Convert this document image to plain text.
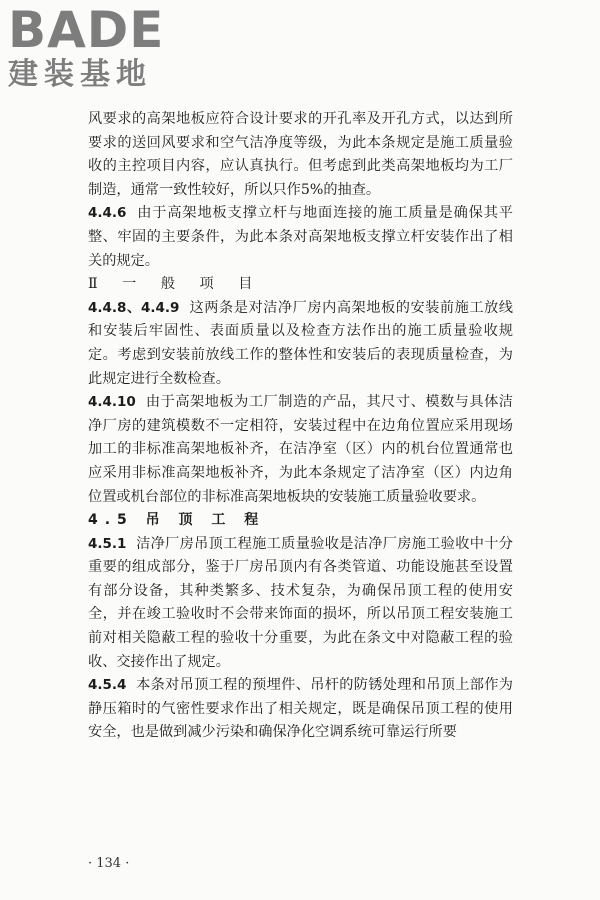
BADE
建装基地

风要求的高架地板应符合设计要求的开孔率及开孔方式，以达到所要求的送回风要求和空气洁净度等级，为此本条规定是施工质量验收的主控项目内容，应认真执行。但考虑到此类高架地板均为工厂制造，通常一致性较好，所以只作5%的抽查。

4.4.6 由于高架地板支撑立杆与地面连接的施工质量是确保其平整、牢固的主要条件，为此本条对高架地板支撑立杆安装作出了相关的规定。

Ⅱ 一 般 项 目

4.4.8、4.4.9 这两条是对洁净厂房内高架地板的安装前施工放线和安装后牢固性、表面质量以及检查方法作出的施工质量验收规定。考虑到安装前放线工作的整体性和安装后的表现质量检查，为此规定进行全数检查。

4.4.10 由于高架地板为工厂制造的产品，其尺寸、模数与具体洁净厂房的建筑模数不一定相符，安装过程中在边角位置应采用现场加工的非标准高架地板补齐，在洁净室（区）内的机台位置通常也应采用非标准高架地板补齐，为此本条规定了洁净室（区）内边角位置或机台部位的非标准高架地板块的安装施工质量验收要求。

4.5 吊 顶 工 程

4.5.1 洁净厂房吊顶工程施工质量验收是洁净厂房施工验收中十分重要的组成部分，鉴于厂房吊顶内有各类管道、功能设施甚至设置有部分设备，其种类繁多、技术复杂，为确保吊顶工程的使用安全，并在竣工验收时不会带来饰面的损坏，所以吊顶工程安装施工前对相关隐蔽工程的验收十分重要，为此在条文中对隐蔽工程的验收、交接作出了规定。

4.5.4 本条对吊顶工程的预埋件、吊杆的防锈处理和吊顶上部作为静压箱时的气密性要求作出了相关规定，既是确保吊顶工程的使用安全，也是做到减少污染和确保净化空调系统可靠运行所要

· 134 ·
